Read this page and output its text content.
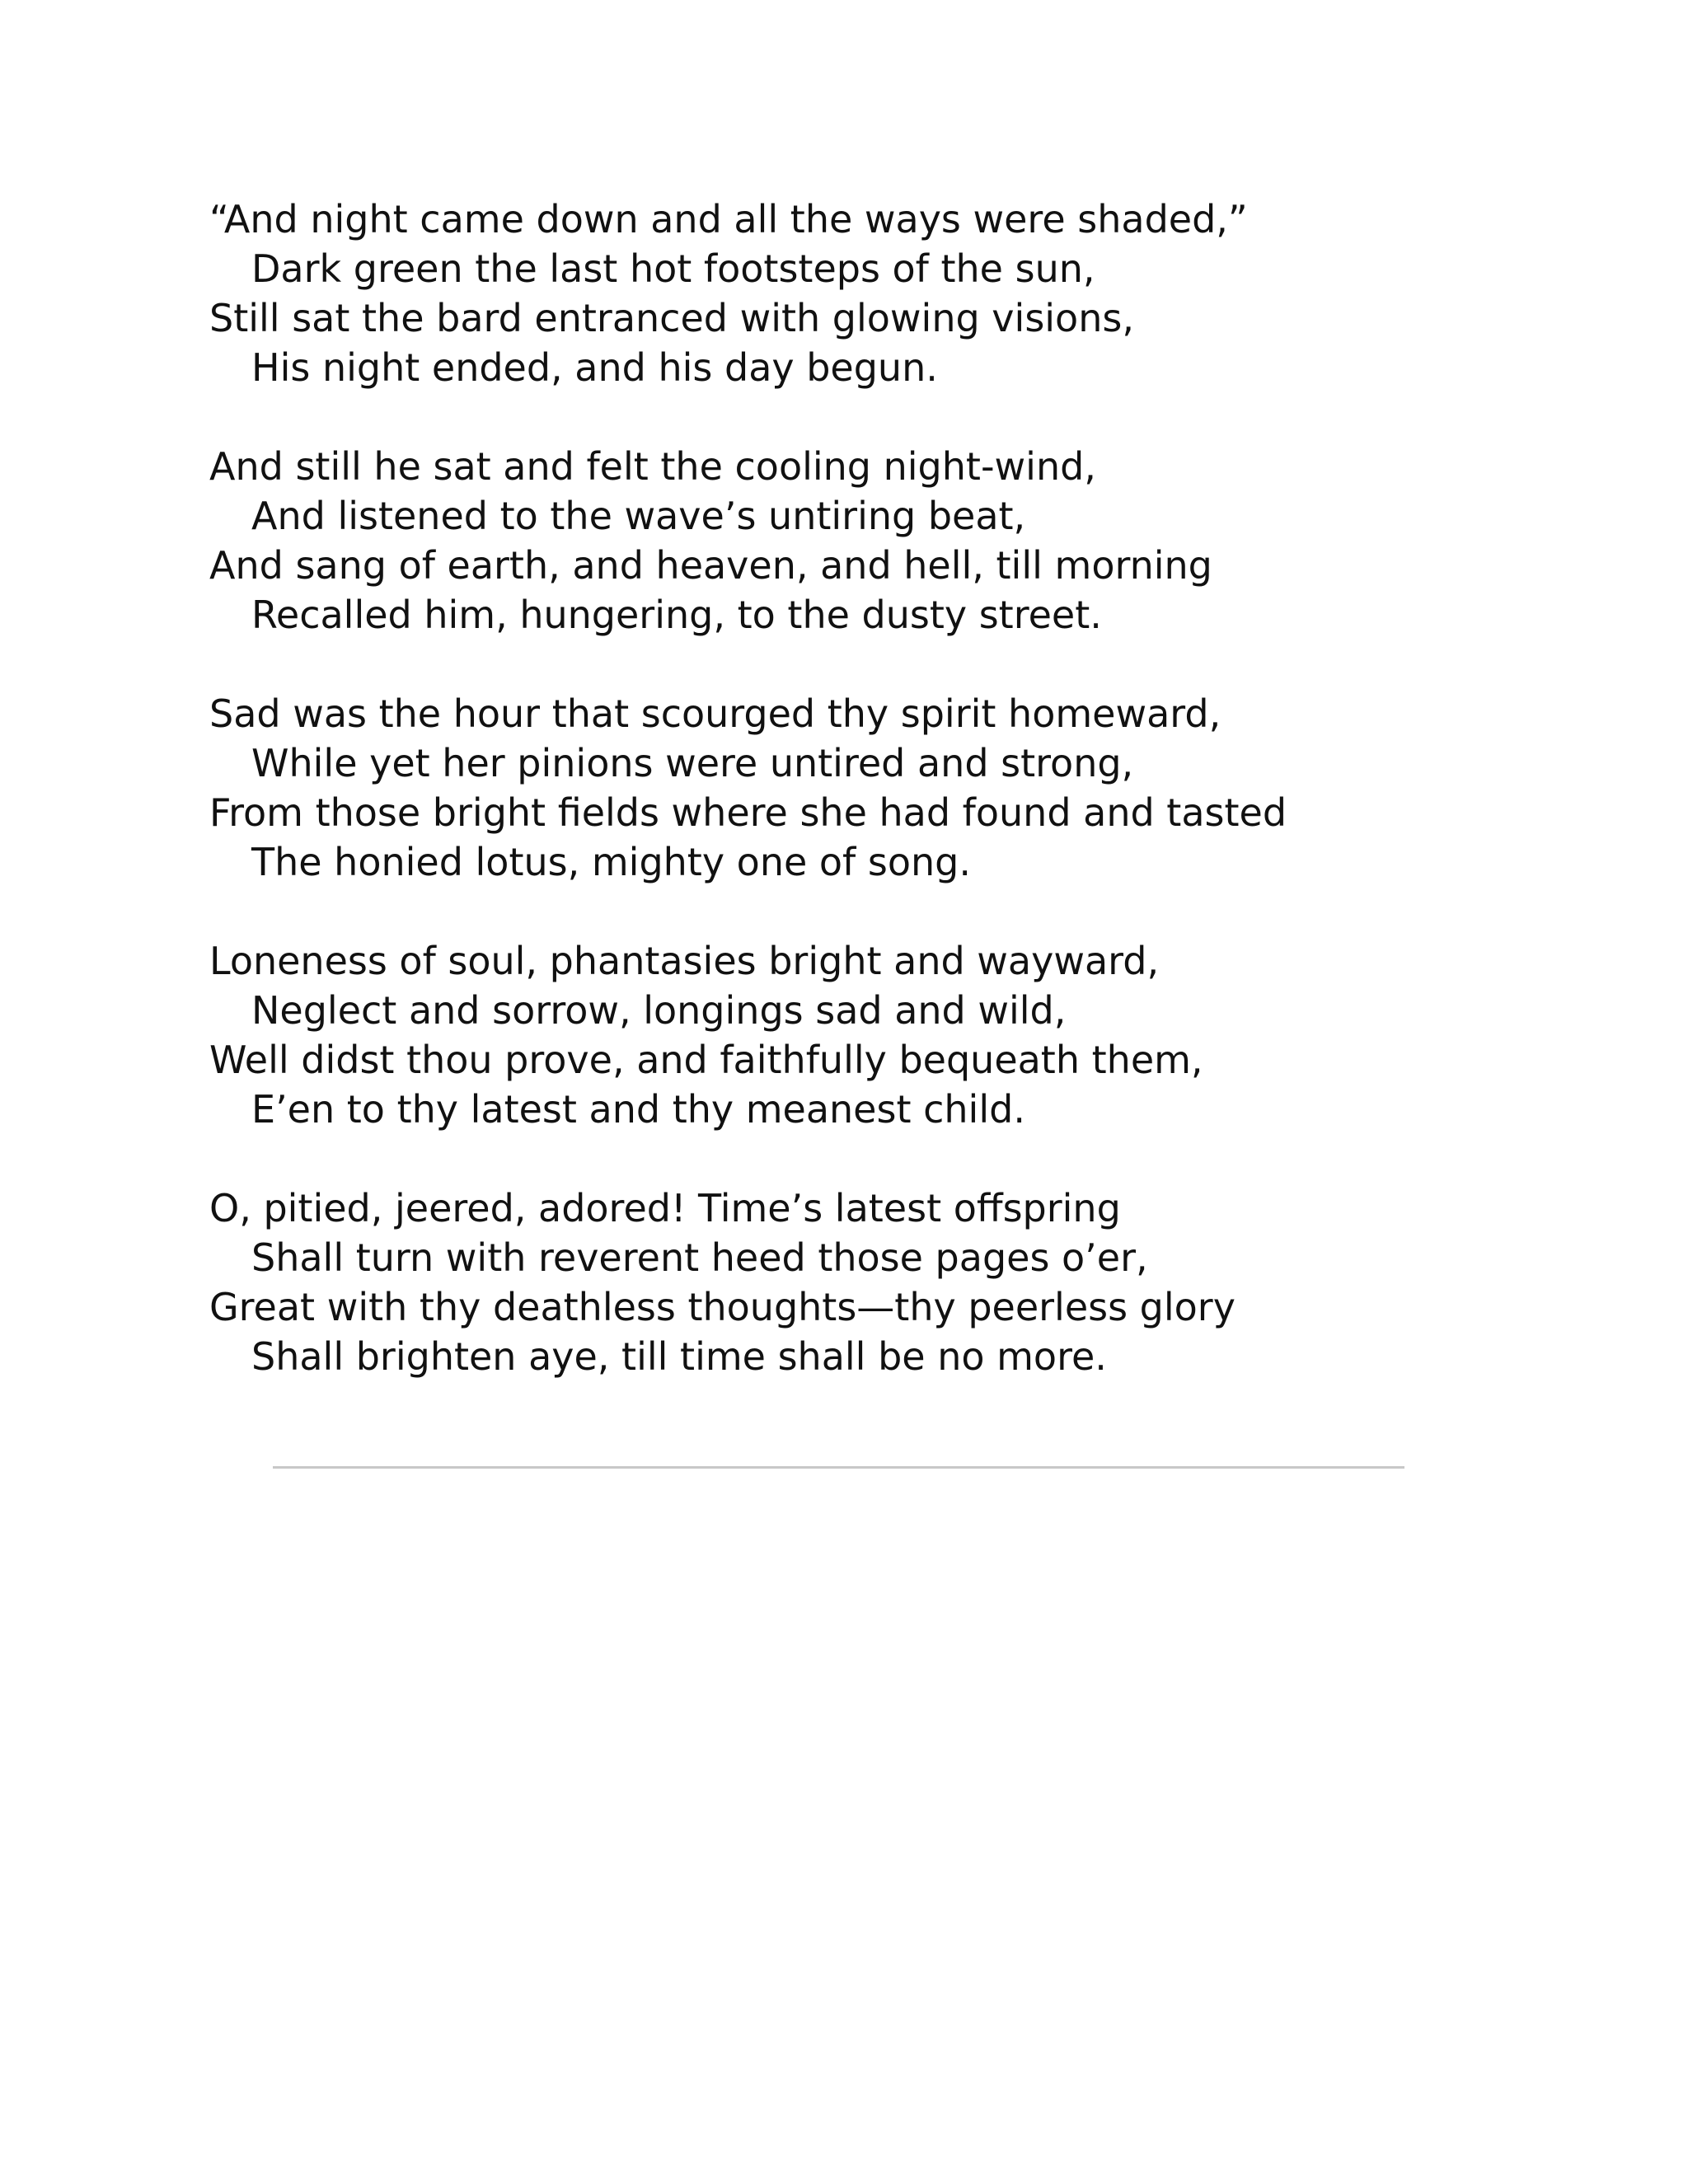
“And night came down and all the ways were shaded,”
Dark green the last hot footsteps of the sun,
Still sat the bard entranced with glowing visions,
His night ended, and his day begun.
And still he sat and felt the cooling night-wind,
And listened to the wave’s untiring beat,
And sang of earth, and heaven, and hell, till morning
Recalled him, hungering, to the dusty street.
Sad was the hour that scourged thy spirit homeward,
While yet her pinions were untired and strong,
From those bright fields where she had found and tasted
The honied lotus, mighty one of song.
Loneness of soul, phantasies bright and wayward,
Neglect and sorrow, longings sad and wild,
Well didst thou prove, and faithfully bequeath them,
E’en to thy latest and thy meanest child.
O, pitied, jeered, adored! Time’s latest offspring
Shall turn with reverent heed those pages o’er,
Great with thy deathless thoughts—thy peerless glory
Shall brighten aye, till time shall be no more.
